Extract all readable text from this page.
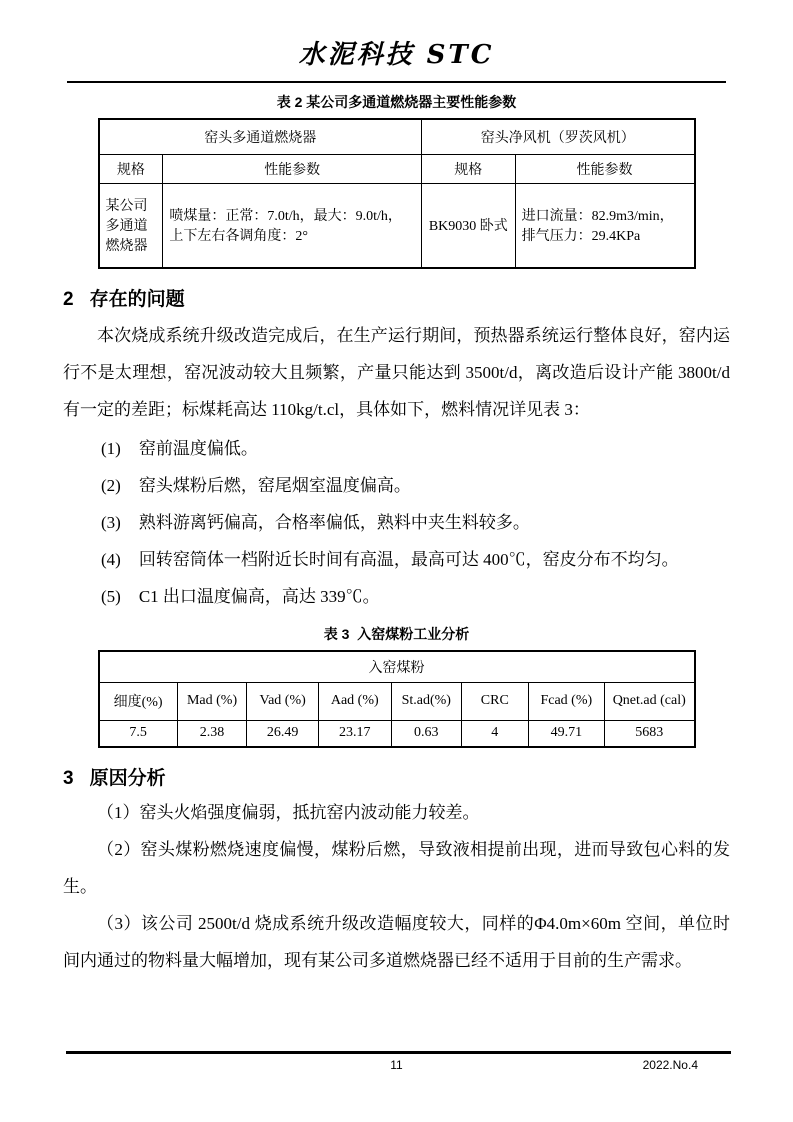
水泥科技 STC
表 2 某公司多通道燃烧器主要性能参数
窑头多通道燃烧器		窑头净风机（罗茨风机）	
规格	性能参数	规格	性能参数
某公司多通道燃烧器	喷煤量：正常：7.0t/h，最大：9.0t/h，上下左右各调角度：2°	BK9030 卧式	进口流量：82.9m3/min，排气压力：29.4KPa
2 存在的问题
本次烧成系统升级改造完成后，在生产运行期间，预热器系统运行整体良好，窑内运行不是太理想，窑况波动较大且频繁，产量只能达到 3500t/d，离改造后设计产能 3800t/d 有一定的差距；标煤耗高达 110kg/t.cl，具体如下，燃料情况详见表 3：
(1) 窑前温度偏低。
(2) 窑头煤粉后燃，窑尾烟室温度偏高。
(3) 熟料游离钙偏高，合格率偏低，熟料中夹生料较多。
(4) 回转窑筒体一档附近长时间有高温，最高可达 400℃，窑皮分布不均匀。
(5) C1 出口温度偏高，高达 339℃。
表 3  入窑煤粉工业分析
入窑煤粉							
细度(%)	Mad (%)	Vad (%)	Aad (%)	St.ad(%)	CRC	Fcad (%)	Qnet.ad (cal)
7.5	2.38	26.49	23.17	0.63	4	49.71	5683
3 原因分析
（1）窑头火焰强度偏弱，抵抗窑内波动能力较差。
（2）窑头煤粉燃烧速度偏慢，煤粉后燃，导致液相提前出现，进而导致包心料的发生。
（3）该公司 2500t/d 烧成系统升级改造幅度较大，同样的Φ4.0m×60m 空间，单位时间内通过的物料量大幅增加，现有某公司多道燃烧器已经不适用于目前的生产需求。
11	2022.No.4
